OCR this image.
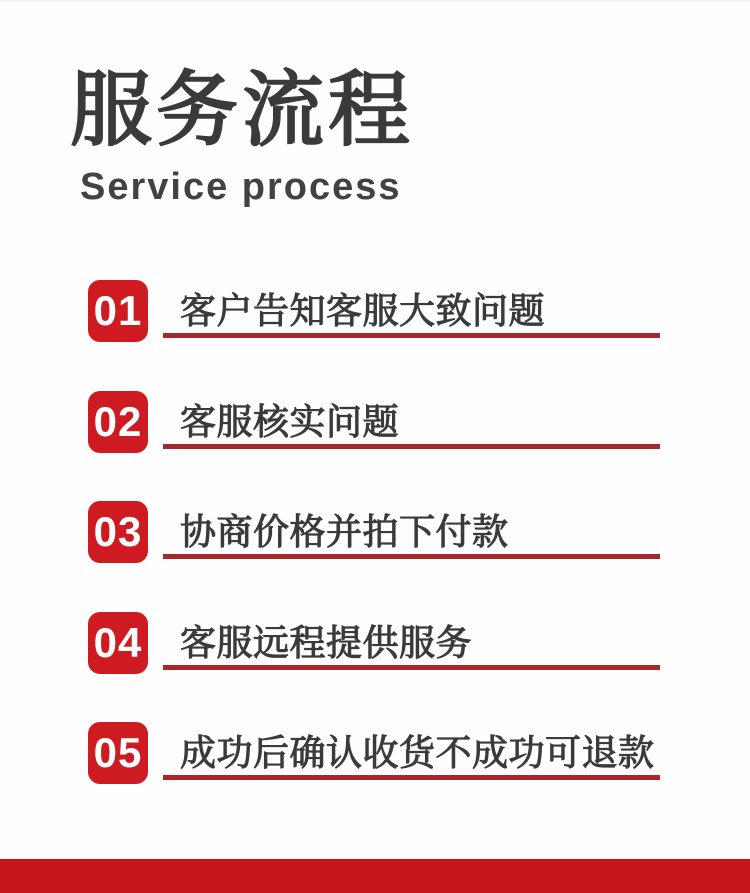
服务流程
Service process
01	客户告知客服大致问题
02	客服核实问题
03	协商价格并拍下付款
04	客服远程提供服务
05	成功后确认收货不成功可退款
